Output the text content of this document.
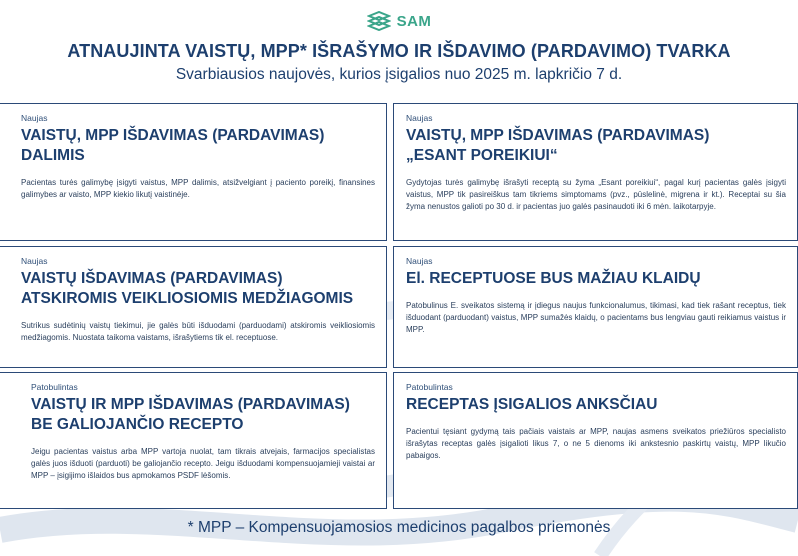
SAM
ATNAUJINTA VAISTŲ, MPP* IŠRAŠYMO IR IŠDAVIMO (PARDAVIMO) TVARKA
Svarbiausios naujovės, kurios įsigalios nuo 2025 m. lapkričio 7 d.
Naujas
VAISTŲ, MPP IŠDAVIMAS (PARDAVIMAS)
DALIMIS
Pacientas turės galimybę įsigyti vaistus, MPP dalimis, atsižvelgiant į paciento poreikį, finansines galimybes ar vaisto, MPP kiekio likutį vaistinėje.
Naujas
VAISTŲ, MPP IŠDAVIMAS (PARDAVIMAS)
„ESANT POREIKIUI“
Gydytojas turės galimybę išrašyti receptą su žyma „Esant poreikiui“, pagal kurį pacientas galės įsigyti vaistus, MPP tik pasireiškus tam tikriems simptomams (pvz., pūslelinė, migrena ir kt.). Receptai su šia žyma nenustos galioti po 30 d. ir pacientas juo galės pasinaudoti iki 6 mėn. laikotarpyje.
Naujas
VAISTŲ IŠDAVIMAS (PARDAVIMAS)
ATSKIROMIS VEIKLIOSIOMIS MEDŽIAGOMIS
Sutrikus sudėtinių vaistų tiekimui, jie galės būti išduodami (parduodami) atskiromis veikliosiomis medžiagomis. Nuostata taikoma vaistams, išrašytiems tik el. receptuose.
Naujas
El. RECEPTUOSE BUS MAŽIAU KLAIDŲ
Patobulinus E. sveikatos sistemą ir įdiegus naujus funkcionalumus, tikimasi, kad tiek rašant receptus, tiek išduodant (parduodant) vaistus, MPP sumažės klaidų, o pacientams bus lengviau gauti reikiamus vaistus ir MPP.
Patobulintas
VAISTŲ IR MPP IŠDAVIMAS (PARDAVIMAS)
BE GALIOJANČIO RECEPTO
Jeigu pacientas vaistus arba MPP vartoja nuolat, tam tikrais atvejais, farmacijos specialistas galės juos išduoti (parduoti) be galiojančio recepto. Jeigu išduodami kompensuojamieji vaistai ar MPP – įsigijimo išlaidos bus apmokamos PSDF lėšomis.
Patobulintas
RECEPTAS ĮSIGALIOS ANKSČIAU
Pacientui tęsiant gydymą tais pačiais vaistais ar MPP, naujas asmens sveikatos priežiūros specialisto išrašytas receptas galės įsigalioti likus 7, o ne 5 dienoms iki ankstesnio paskirtų vaistų, MPP likučio pabaigos.
* MPP – Kompensuojamosios medicinos pagalbos priemonės
